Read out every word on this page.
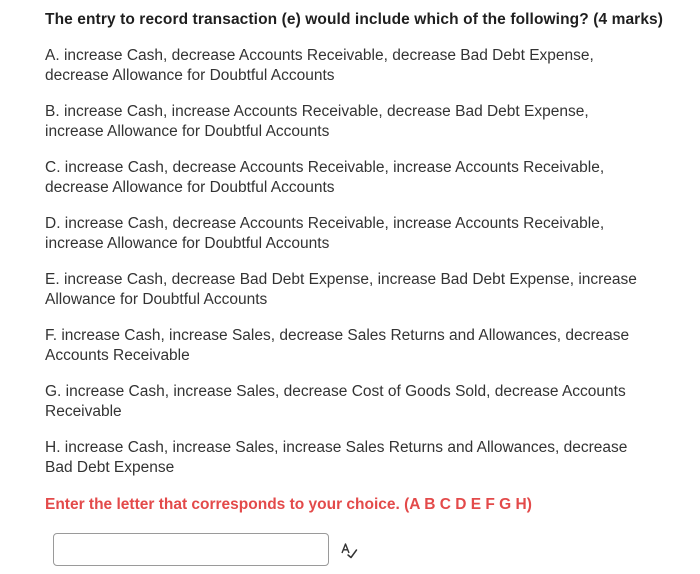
The entry to record transaction (e) would include which of the following? (4 marks)
A. increase Cash, decrease Accounts Receivable, decrease Bad Debt Expense,
decrease Allowance for Doubtful Accounts
B. increase Cash, increase Accounts Receivable, decrease Bad Debt Expense,
increase Allowance for Doubtful Accounts
C. increase Cash, decrease Accounts Receivable, increase Accounts Receivable,
decrease Allowance for Doubtful Accounts
D. increase Cash, decrease Accounts Receivable, increase Accounts Receivable,
increase Allowance for Doubtful Accounts
E. increase Cash, decrease Bad Debt Expense, increase Bad Debt Expense, increase
Allowance for Doubtful Accounts
F. increase Cash, increase Sales, decrease Sales Returns and Allowances, decrease
Accounts Receivable
G. increase Cash, increase Sales, decrease Cost of Goods Sold, decrease Accounts
Receivable
H. increase Cash, increase Sales, increase Sales Returns and Allowances, decrease
Bad Debt Expense
Enter the letter that corresponds to your choice. (A B C D E F G H)
